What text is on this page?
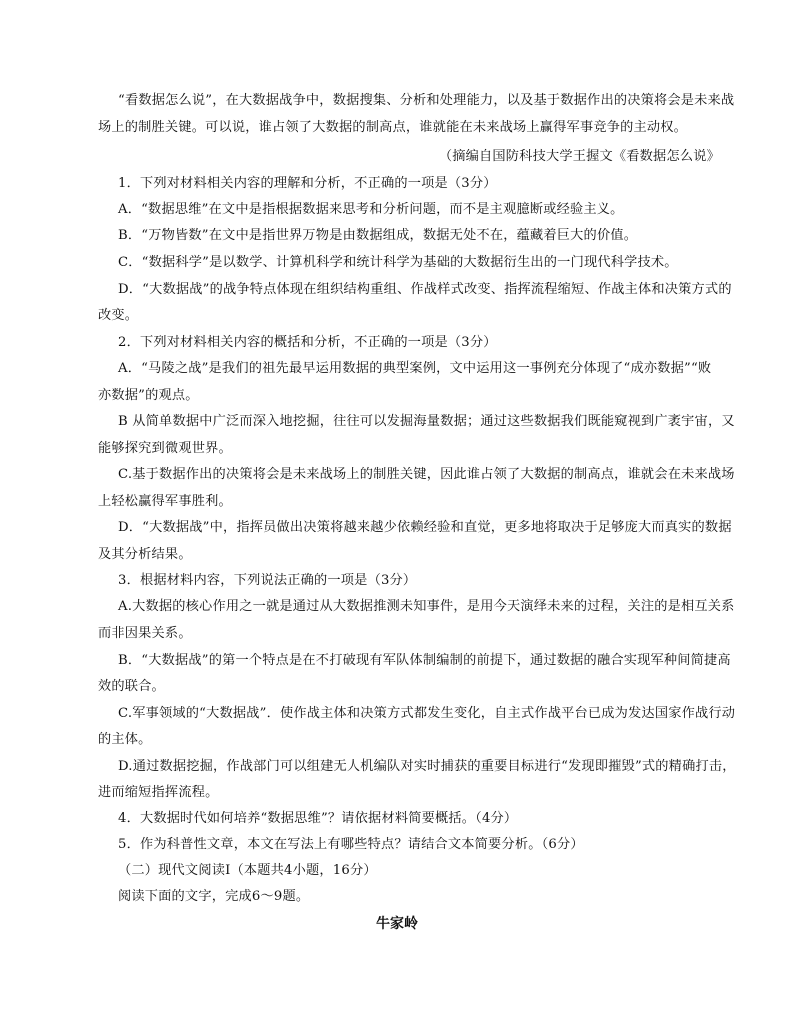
“看数据怎么说”，在大数据战争中，数据搜集、分析和处理能力，以及基于数据作出的决策将会是未来战
场上的制胜关键。可以说，谁占领了大数据的制高点，谁就能在未来战场上赢得军事竞争的主动权。
（摘编自国防科技大学王握文《看数据怎么说》
1．下列对材料相关内容的理解和分析，不正确的一项是（3分）
A．“数据思维”在文中是指根据数据来思考和分析问题，而不是主观臆断或经验主义。
B．“万物皆数”在文中是指世界万物是由数据组成，数据无处不在，蕴藏着巨大的价值。
C．“数据科学”是以数学、计算机科学和统计科学为基础的大数据衍生出的一门现代科学技术。
D．“大数据战”的战争特点体现在组织结构重组、作战样式改变、指挥流程缩短、作战主体和决策方式的
改变。
2．下列对材料相关内容的概括和分析，不正确的一项是（3分）
A．“马陵之战”是我们的祖先最早运用数据的典型案例，文中运用这一事例充分体现了“成亦数据”“败
亦数据”的观点。
B 从简单数据中广泛而深入地挖掘，往往可以发掘海量数据；通过这些数据我们既能窥视到广袤宇宙，又
能够探究到微观世界。
C.基于数据作出的决策将会是未来战场上的制胜关键，因此谁占领了大数据的制高点，谁就会在未来战场
上轻松赢得军事胜利。
D．“大数据战”中，指挥员做出决策将越来越少依赖经验和直觉，更多地将取决于足够庞大而真实的数据
及其分析结果。
3．根据材料内容，下列说法正确的一项是（3分）
A.大数据的核心作用之一就是通过从大数据推测未知事件，是用今天演绎未来的过程，关注的是相互关系
而非因果关系。
B．“大数据战”的第一个特点是在不打破现有军队体制编制的前提下，通过数据的融合实现军种间简捷高
效的联合。
C.军事领域的“大数据战”．使作战主体和决策方式都发生变化，自主式作战平台已成为发达国家作战行动
的主体。
D.通过数据挖掘，作战部门可以组建无人机编队对实时捕获的重要目标进行“发现即摧毁”式的精确打击，
进而缩短指挥流程。
4．大数据时代如何培养“数据思维”？请依据材料简要概括。（4分）
5．作为科普性文章，本文在写法上有哪些特点？请结合文本简要分析。（6分）
（二）现代文阅读Ⅰ（本题共4小题，16分）
阅读下面的文字，完成6～9题。
牛家岭
